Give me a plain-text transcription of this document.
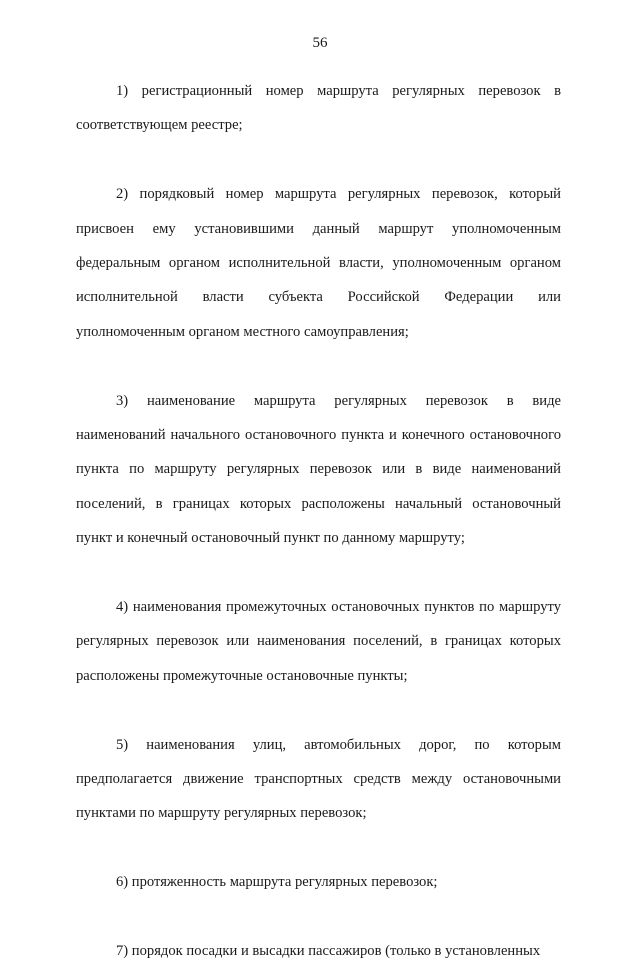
56

1) регистрационный номер маршрута регулярных перевозок в соответствующем реестре;

2) порядковый номер маршрута регулярных перевозок, который присвоен ему установившими данный маршрут уполномоченным федеральным органом исполнительной власти, уполномоченным органом исполнительной власти субъекта Российской Федерации или уполномоченным органом местного самоуправления;

3) наименование маршрута регулярных перевозок в виде наименований начального остановочного пункта и конечного остановочного пункта по маршруту регулярных перевозок или в виде наименований поселений, в границах которых расположены начальный остановочный пункт и конечный остановочный пункт по данному маршруту;

4) наименования промежуточных остановочных пунктов по маршруту регулярных перевозок или наименования поселений, в границах которых расположены промежуточные остановочные пункты;

5) наименования улиц, автомобильных дорог, по которым предполагается движение транспортных средств между остановочными пунктами по маршруту регулярных перевозок;

6) протяженность маршрута регулярных перевозок;

7) порядок посадки и высадки пассажиров (только в установленных
